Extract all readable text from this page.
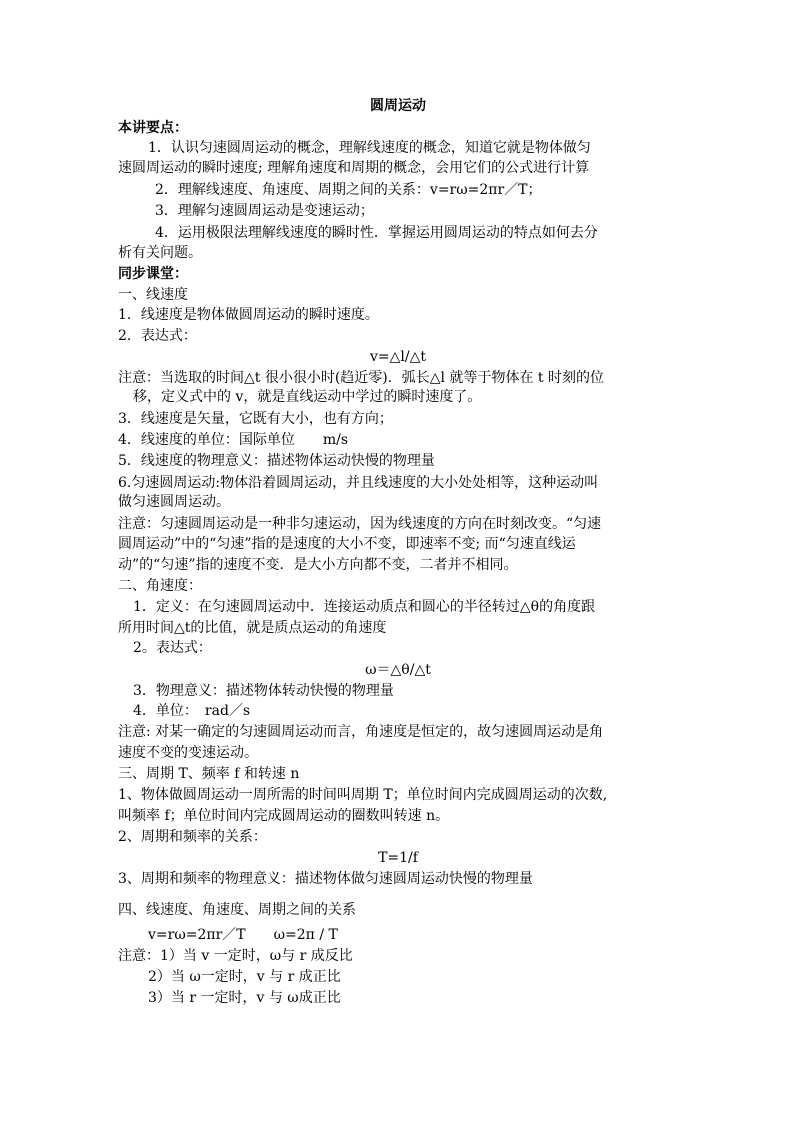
圆周运动
本讲要点：
1．认识匀速圆周运动的概念，理解线速度的概念，知道它就是物体做匀
速圆周运动的瞬时速度; 理解角速度和周期的概念，会用它们的公式进行计算
2．理解线速度、角速度、周期之间的关系：v=rω=2πr／T；
3．理解匀速圆周运动是变速运动；
4．运用极限法理解线速度的瞬时性．掌握运用圆周运动的特点如何去分
析有关问题。
同步课堂：
一、线速度
1．线速度是物体做圆周运动的瞬时速度。
2．表达式：
v=△l/△t
注意：当选取的时间△t 很小很小时(趋近零)．弧长△l 就等于物体在 t 时刻的位
移，定义式中的 v，就是直线运动中学过的瞬时速度了。
3．线速度是矢量，它既有大小，也有方向；
4．线速度的单位：国际单位　　m/s
5．线速度的物理意义：描述物体运动快慢的物理量
6.匀速圆周运动:物体沿着圆周运动，并且线速度的大小处处相等，这种运动叫
做匀速圆周运动。
注意：匀速圆周运动是一种非匀速运动，因为线速度的方向在时刻改变。“匀速
圆周运动”中的“匀速”指的是速度的大小不变，即速率不变; 而“匀速直线运
动”的“匀速”指的速度不变．是大小方向都不变，二者并不相同。
二、角速度：
1．定义：在匀速圆周运动中．连接运动质点和圆心的半径转过△θ的角度跟
所用时间△t的比值，就是质点运动的角速度
2。表达式：
ω＝△θ/△t
3．物理意义：描述物体转动快慢的物理量
4．单位：　rad／s
注意: 对某一确定的匀速圆周运动而言，角速度是恒定的，故匀速圆周运动是角
速度不变的变速运动。
三、周期 T、频率 f 和转速 n
1、物体做圆周运动一周所需的时间叫周期 T；单位时间内完成圆周运动的次数,
叫频率 f；单位时间内完成圆周运动的圈数叫转速 n。
2、周期和频率的关系：
T=1/f
3、周期和频率的物理意义：描述物体做匀速圆周运动快慢的物理量
四、线速度、角速度、周期之间的关系
v=rω=2πr／T　　ω=2π / T
注意：1）当 v 一定时，ω与 r 成反比
2）当 ω一定时，v 与 r 成正比
3）当 r 一定时，v 与 ω成正比
